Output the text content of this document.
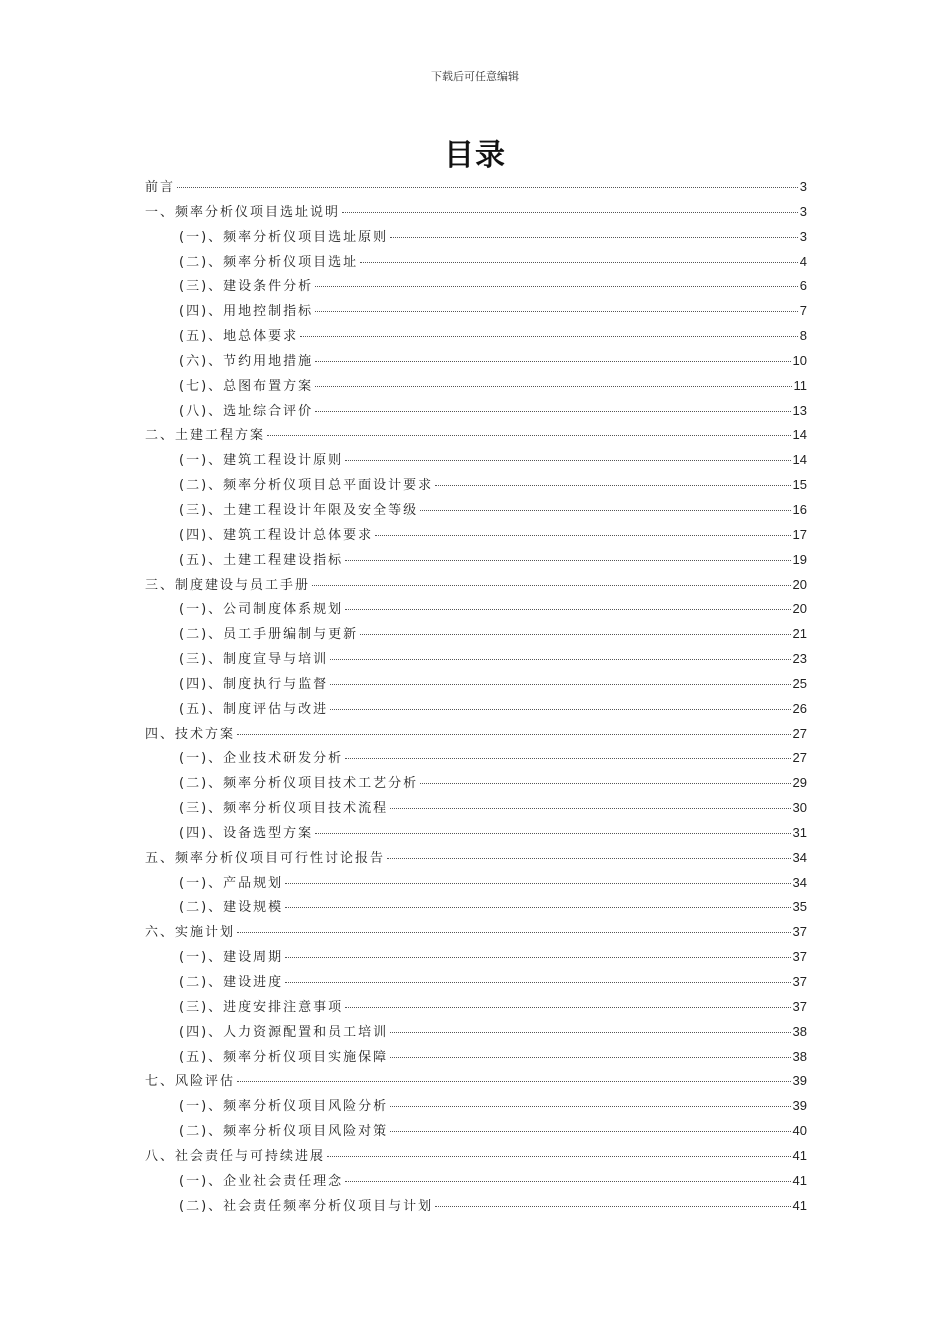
下载后可任意编辑
目录
前言	3
一、频率分析仪项目选址说明	3
(一)、频率分析仪项目选址原则	3
(二)、频率分析仪项目选址	4
(三)、建设条件分析	6
(四)、用地控制指标	7
(五)、地总体要求	8
(六)、节约用地措施	10
(七)、总图布置方案	11
(八)、选址综合评价	13
二、土建工程方案	14
(一)、建筑工程设计原则	14
(二)、频率分析仪项目总平面设计要求	15
(三)、土建工程设计年限及安全等级	16
(四)、建筑工程设计总体要求	17
(五)、土建工程建设指标	19
三、制度建设与员工手册	20
(一)、公司制度体系规划	20
(二)、员工手册编制与更新	21
(三)、制度宣导与培训	23
(四)、制度执行与监督	25
(五)、制度评估与改进	26
四、技术方案	27
(一)、企业技术研发分析	27
(二)、频率分析仪项目技术工艺分析	29
(三)、频率分析仪项目技术流程	30
(四)、设备选型方案	31
五、频率分析仪项目可行性讨论报告	34
(一)、产品规划	34
(二)、建设规模	35
六、实施计划	37
(一)、建设周期	37
(二)、建设进度	37
(三)、进度安排注意事项	37
(四)、人力资源配置和员工培训	38
(五)、频率分析仪项目实施保障	38
七、风险评估	39
(一)、频率分析仪项目风险分析	39
(二)、频率分析仪项目风险对策	40
八、社会责任与可持续进展	41
(一)、企业社会责任理念	41
(二)、社会责任频率分析仪项目与计划	41
